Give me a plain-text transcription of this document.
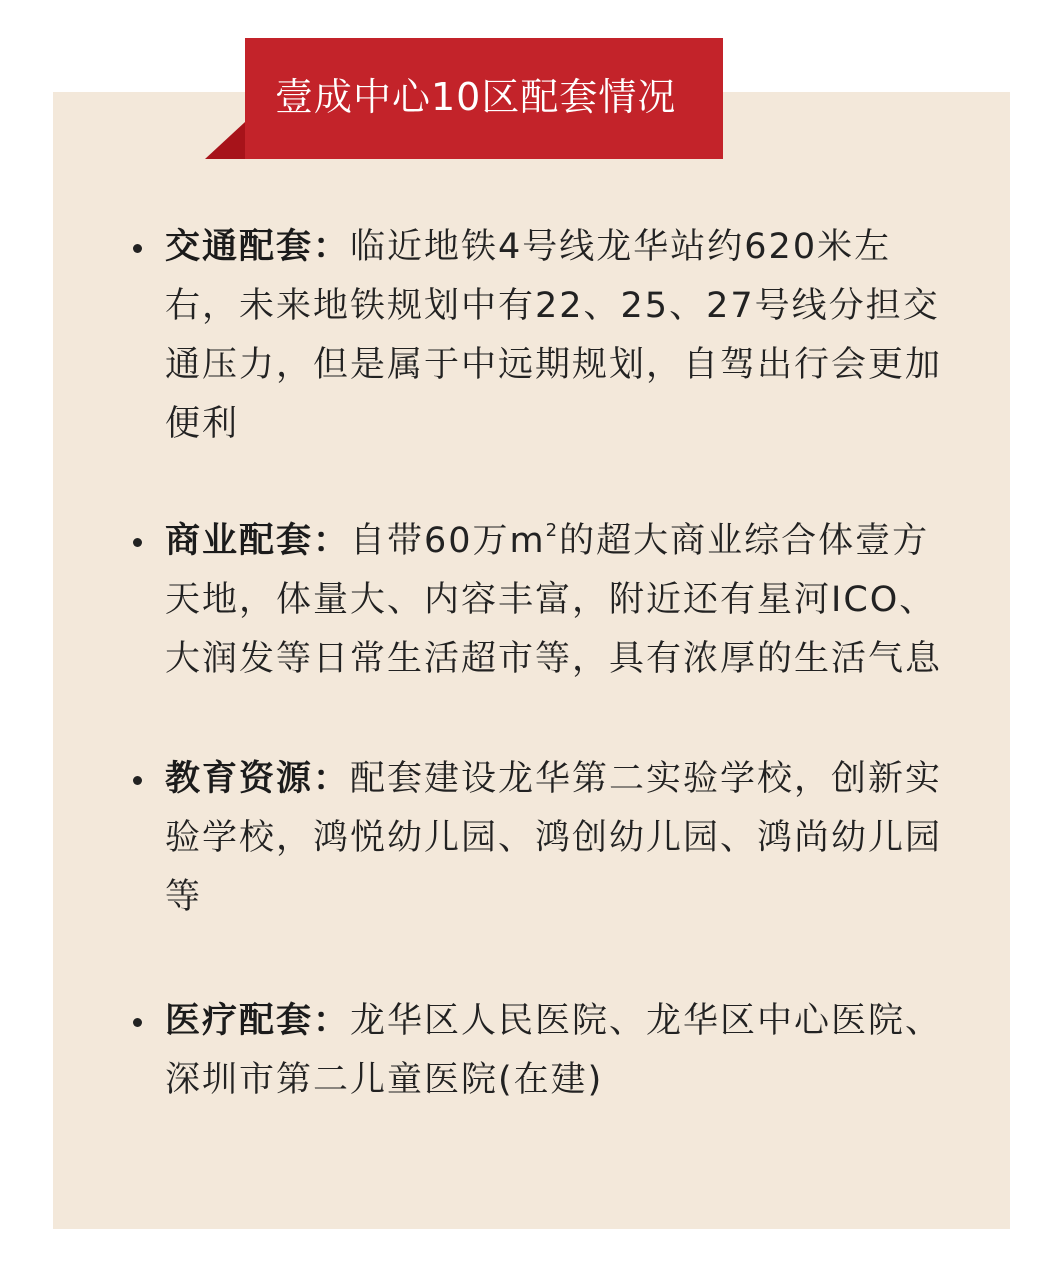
壹成中心10区配套情况
交通配套：临近地铁4号线龙华站约620米左右，未来地铁规划中有22、25、27号线分担交通压力，但是属于中远期规划，自驾出行会更加便利
商业配套：自带60万$m^2$的超大商业综合体壹方天地，体量大、内容丰富，附近还有星河ICO、大润发等日常生活超市等，具有浓厚的生活气息
教育资源：配套建设龙华第二实验学校，创新实验学校，鸿悦幼儿园、鸿创幼儿园、鸿尚幼儿园等
医疗配套：龙华区人民医院、龙华区中心医院、深圳市第二儿童医院(在建)
